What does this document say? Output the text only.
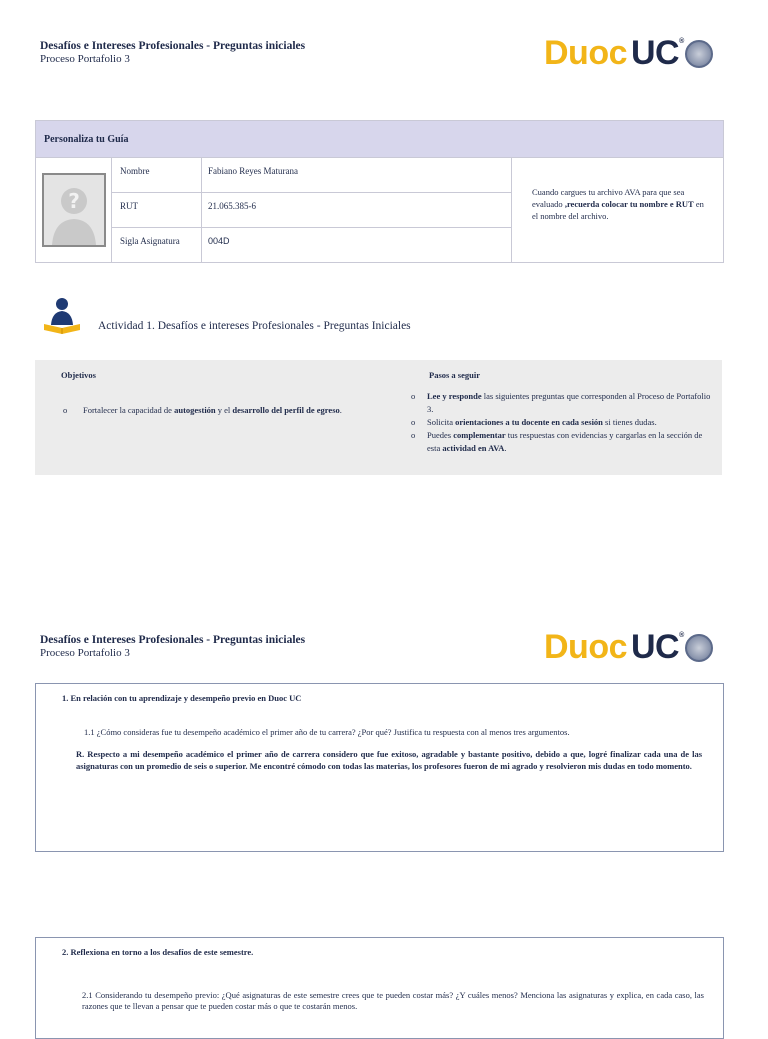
Desafíos e Intereses Profesionales - Preguntas iniciales
Proceso Portafolio 3	Duoc UC ®
Personaliza tu Guía
?
Nombre	Fabiano Reyes Maturana
RUT	21.065.385-6
Sigla Asignatura	004D
Cuando cargues tu archivo AVA para que sea evaluado ,recuerda colocar tu nombre e RUT en el nombre del archivo.
Actividad 1. Desafíos e intereses Profesionales - Preguntas Iniciales
Objetivos
o	Fortalecer la capacidad de autogestión y el desarrollo del perfil de egreso.
Pasos a seguir
o	Lee y responde las siguientes preguntas que corresponden al Proceso de Portafolio 3.
o	Solicita orientaciones a tu docente en cada sesión si tienes dudas.
o	Puedes complementar tus respuestas con evidencias y cargarlas en la sección de esta actividad en AVA.
Desafíos e Intereses Profesionales - Preguntas iniciales
Proceso Portafolio 3	Duoc UC ®
1. En relación con tu aprendizaje y desempeño previo en Duoc UC
1.1 ¿Cómo consideras fue tu desempeño académico el primer año de tu carrera? ¿Por qué? Justifica tu respuesta con al menos tres argumentos.
R. Respecto a mi desempeño académico el primer año de carrera considero que fue exitoso, agradable y bastante positivo, debido a que, logré finalizar cada una de las asignaturas con un promedio de seis o superior. Me encontré cómodo con todas las materias, los profesores fueron de mi agrado y resolvieron mis dudas en todo momento.
2. Reflexiona en torno a los desafíos de este semestre.
2.1 Considerando tu desempeño previo: ¿Qué asignaturas de este semestre crees que te pueden costar más? ¿Y cuáles menos? Menciona las asignaturas y explica, en cada caso, las razones que te llevan a pensar que te pueden costar más o que te costarán menos.
